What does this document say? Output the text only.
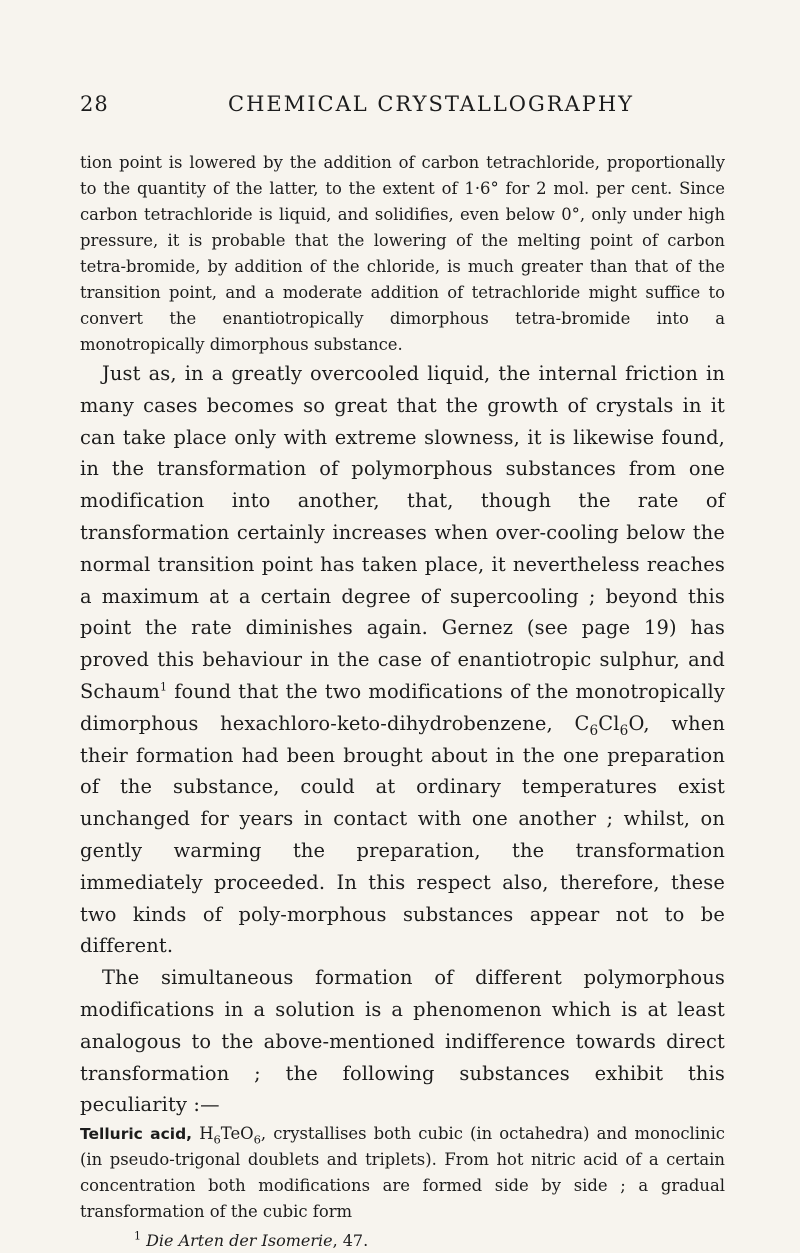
28	CHEMICAL CRYSTALLOGRAPHY

tion point is lowered by the addition of carbon tetrachloride, proportionally to the quantity of the latter, to the extent of 1·6° for 2 mol. per cent. Since carbon tetrachloride is liquid, and solidifies, even below 0°, only under high pressure, it is probable that the lowering of the melting point of carbon tetra-bromide, by addition of the chloride, is much greater than that of the transition point, and a moderate addition of tetrachloride might suffice to convert the enantiotropically dimorphous tetra-bromide into a monotropically dimorphous substance.

Just as, in a greatly overcooled liquid, the internal friction in many cases becomes so great that the growth of crystals in it can take place only with extreme slowness, it is likewise found, in the transformation of polymorphous substances from one modification into another, that, though the rate of transformation certainly increases when over-cooling below the normal transition point has taken place, it nevertheless reaches a maximum at a certain degree of supercooling ; beyond this point the rate diminishes again. Gernez (see page 19) has proved this behaviour in the case of enantiotropic sulphur, and Schaum$^1$ found that the two modifications of the monotropically dimorphous hexachloro-keto-dihydrobenzene, $C_6Cl_6O$, when their formation had been brought about in the one preparation of the substance, could at ordinary temperatures exist unchanged for years in contact with one another ; whilst, on gently warming the preparation, the transformation immediately proceeded. In this respect also, therefore, these two kinds of poly-morphous substances appear not to be different.

The simultaneous formation of different polymorphous modifications in a solution is a phenomenon which is at least analogous to the above-mentioned indifference towards direct transformation ; the following substances exhibit this peculiarity :—

Telluric acid, $H_6TeO_6$, crystallises both cubic (in octahedra) and monoclinic (in pseudo-trigonal doublets and triplets). From hot nitric acid of a certain concentration both modifications are formed side by side ; a gradual transformation of the cubic form

$^1$ Die Arten der Isomerie, 47.
